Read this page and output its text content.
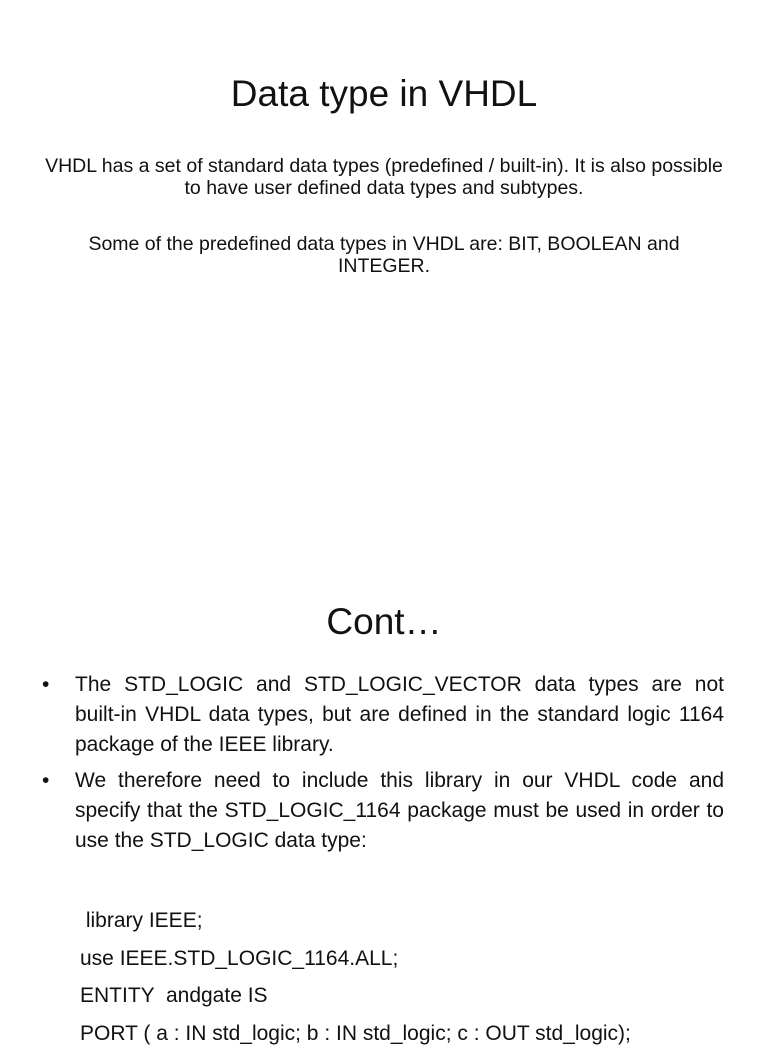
Data type in VHDL

VHDL has a set of standard data types (predefined / built-in). It is also possible to have user defined data types and subtypes.

Some of the predefined data types in VHDL are: BIT, BOOLEAN and INTEGER.

Cont…
• The STD_LOGIC and STD_LOGIC_VECTOR data types are not built-in VHDL data types, but are defined in the standard logic 1164 package of the IEEE library.
• We therefore need to include this library in our VHDL code and specify that the STD_LOGIC_1164 package must be used in order to use the STD_LOGIC data type:
library IEEE;
use IEEE.STD_LOGIC_1164.ALL;
ENTITY  andgate IS
PORT ( a : IN std_logic; b : IN std_logic; c : OUT std_logic);
